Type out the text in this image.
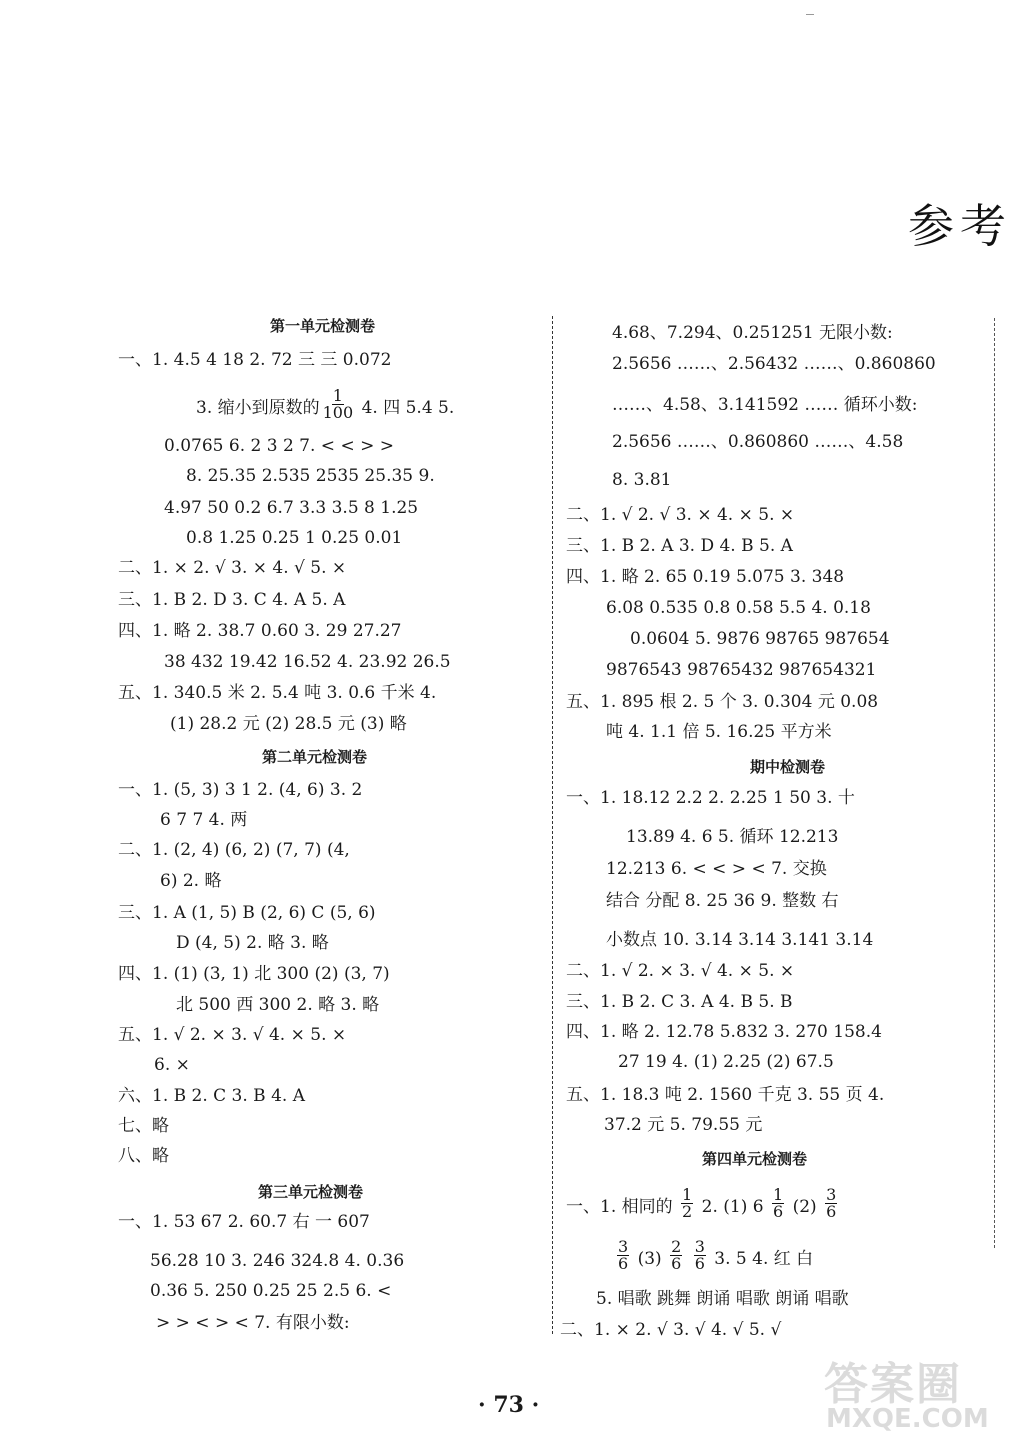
参考
第一单元检测卷
一、1. 4.5 4 18 2. 72 三 三 0.072
3. 缩小到原数的 $\frac{1}{100} 4$. 四 5.4 5.
0.0765 6. 2 3 2 7. < < > >
8. 25.35 2.535 2535 25.35 9.
4.97 50 0.2 6.7 3.3 3.5 8 1.25
0.8 1.25 0.25 1 0.25 0.01
二、1. × 2. √ 3. × 4. √ 5. ×
三、1. B 2. D 3. C 4. A 5. A
四、1. 略 2. 38.7 0.60 3. 29 27.27
38 432 19.42 16.52 4. 23.92 26.5
五、1. 340.5 米 2. 5.4 吨 3. 0.6 千米 4.
(1) 28.2 元 (2) 28.5 元 (3) 略
第二单元检测卷
一、1. (5, 3) 3 1 2. (4, 6) 3. 2
6 7 7 4. 两
二、1. (2, 4) (6, 2) (7, 7) (4,
6) 2. 略
三、1. A (1, 5) B (2, 6) C (5, 6)
D (4, 5) 2. 略 3. 略
四、1. (1) (3, 1) 北 300 (2) (3, 7)
北 500 西 300 2. 略 3. 略
五、1. √ 2. × 3. √ 4. × 5. ×
6. ×
六、1. B 2. C 3. B 4. A
七、略
八、略
第三单元检测卷
一、1. 53 67 2. 60.7 右 一 607
56.28 10 3. 246 324.8 4. 0.36
0.36 5. 250 0.25 25 2.5 6. <
> > < > < 7. 有限小数:
4.68、7.294、0.251251 无限小数:
2.5656 ……、2.56432 ……、0.860860
……、4.58、3.141592 …… 循环小数:
2.5656 ……、0.860860 ……、4.58
8. 3.81
二、1. √ 2. √ 3. × 4. × 5. ×
三、1. B 2. A 3. D 4. B 5. A
四、1. 略 2. 65 0.19 5.075 3. 348
6.08 0.535 0.8 0.58 5.5 4. 0.18
0.0604 5. 9876 98765 987654
9876543 98765432 987654321
五、1. 895 根 2. 5 个 3. 0.304 元 0.08
吨 4. 1.1 倍 5. 16.25 平方米
期中检测卷
一、1. 18.12 2.2 2. 2.25 1 50 3. 十
13.89 4. 6 5. 循环 12.213
12.213 6. < < > < 7. 交换
结合 分配 8. 25 36 9. 整数 右
小数点 10. 3.14 3.14 3.141 3.14
二、1. √ 2. × 3. √ 4. × 5. ×
三、1. B 2. C 3. A 4. B 5. B
四、1. 略 2. 12.78 5.832 3. 270 158.4
27 19 4. (1) 2.25 (2) 67.5
五、1. 18.3 吨 2. 1560 千克 3. 55 页 4.
37.2 元 5. 79.55 元
第四单元检测卷
一、1. 相同的 $\frac{1}{2} 2$. (1) $6 \frac{1}{6} (2) \frac{3}{6}$
$\frac{3}{6} (3) \frac{2}{6}$
$\frac{3}{6} 3$. 5 4. 红 白
5. 唱歌 跳舞 朗诵 唱歌 朗诵 唱歌
二、1. × 2. √ 3. √ 4. √ 5. √
· 73 ·	答案圈
MXQE.COM
